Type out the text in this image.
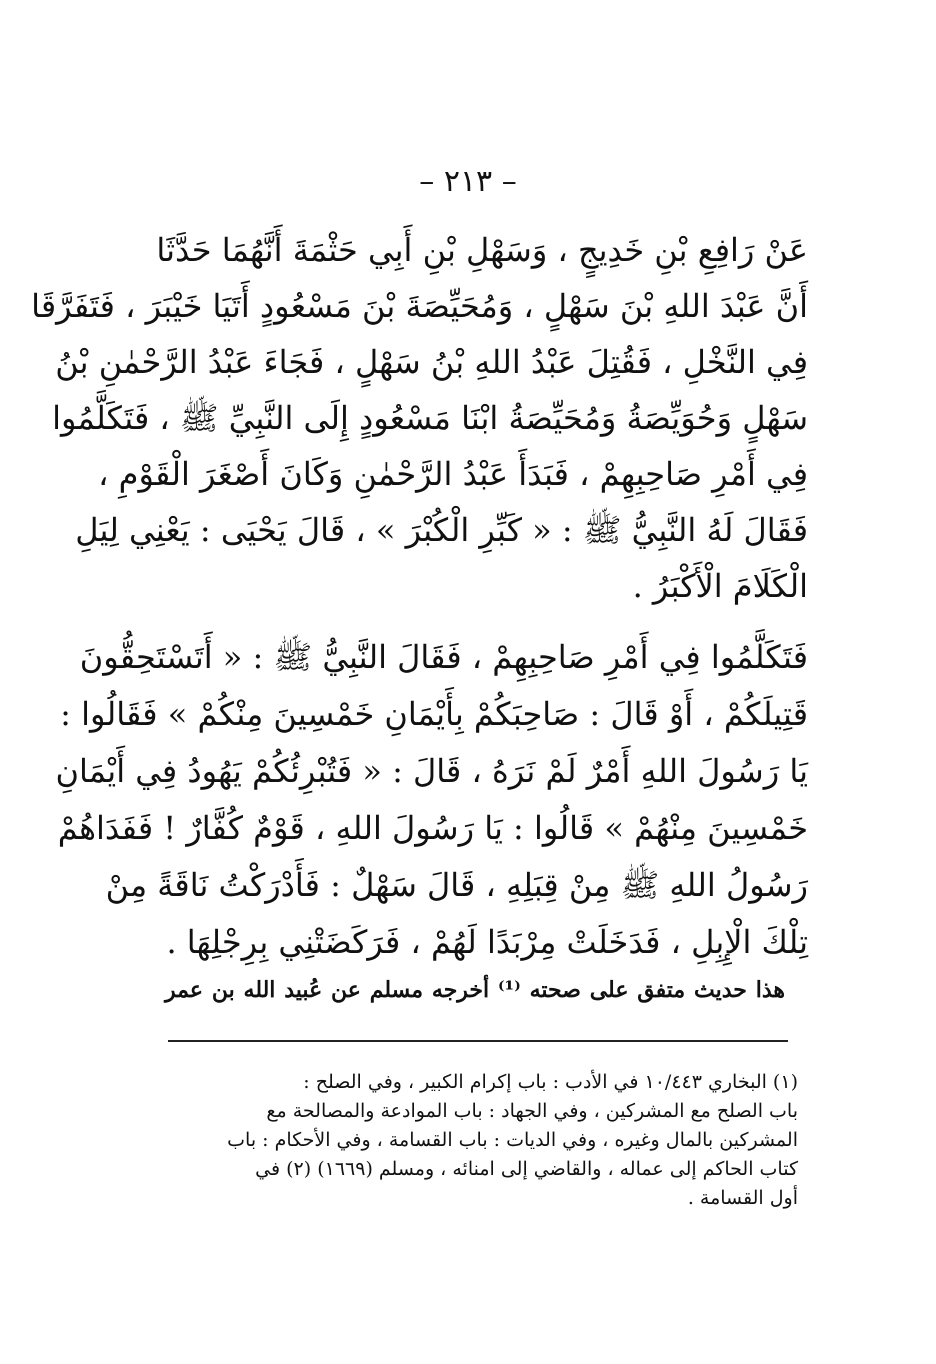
– ٢١٣ –
عَنْ رَافِعِ بْنِ خَدِيجٍ ، وَسَهْلِ بْنِ أَبِي حَثْمَةَ أَنَّهُمَا حَدَّثَا
أَنَّ عَبْدَ اللهِ بْنَ سَهْلٍ ، وَمُحَيِّصَةَ بْنَ مَسْعُودٍ أَتَيَا خَيْبَرَ ، فَتَفَرَّقَا
فِي النَّخْلِ ، فَقُتِلَ عَبْدُ اللهِ بْنُ سَهْلٍ ، فَجَاءَ عَبْدُ الرَّحْمٰنِ بْنُ
سَهْلٍ وَحُوَيِّصَةُ وَمُحَيِّصَةُ ابْنَا مَسْعُودٍ إِلَى النَّبِيِّ ﷺ ، فَتَكَلَّمُوا
فِي أَمْرِ صَاحِبِهِمْ ، فَبَدَأَ عَبْدُ الرَّحْمٰنِ وَكَانَ أَصْغَرَ الْقَوْمِ ،
فَقَالَ لَهُ النَّبِيُّ ﷺ : « كَبِّرِ الْكُبْرَ » ، قَالَ يَحْيَى : يَعْنِي لِيَلِ
الْكَلَامَ الْأَكْبَرُ .
فَتَكَلَّمُوا فِي أَمْرِ صَاحِبِهِمْ ، فَقَالَ النَّبِيُّ ﷺ : « أَتَسْتَحِقُّونَ
قَتِيلَكُمْ ، أَوْ قَالَ : صَاحِبَكُمْ بِأَيْمَانِ خَمْسِينَ مِنْكُمْ » فَقَالُوا :
يَا رَسُولَ اللهِ أَمْرٌ لَمْ نَرَهُ ، قَالَ : « فَتُبْرِئُكُمْ يَهُودُ فِي أَيْمَانِ
خَمْسِينَ مِنْهُمْ » قَالُوا : يَا رَسُولَ اللهِ ، قَوْمٌ كُفَّارٌ ! فَفَدَاهُمْ
رَسُولُ اللهِ ﷺ مِنْ قِبَلِهِ ، قَالَ سَهْلٌ : فَأَدْرَكْتُ نَاقَةً مِنْ
تِلْكَ الْإِبِلِ ، فَدَخَلَتْ مِرْبَدًا لَهُمْ ، فَرَكَضَتْنِي بِرِجْلِهَا .
هذا حديث متفق على صحته ⁽¹⁾ أخرجه مسلم عن عُبيد الله بن عمر
(١) البخاري ١٠/٤٤٣ في الأدب : باب إكرام الكبير ، وفي الصلح :
باب الصلح مع المشركين ، وفي الجهاد : باب الموادعة والمصالحة مع
المشركين بالمال وغيره ، وفي الديات : باب القسامة ، وفي الأحكام : باب
كتاب الحاكم إلى عماله ، والقاضي إلى امنائه ، ومسلم (١٦٦٩) (٢) في
أول القسامة .
